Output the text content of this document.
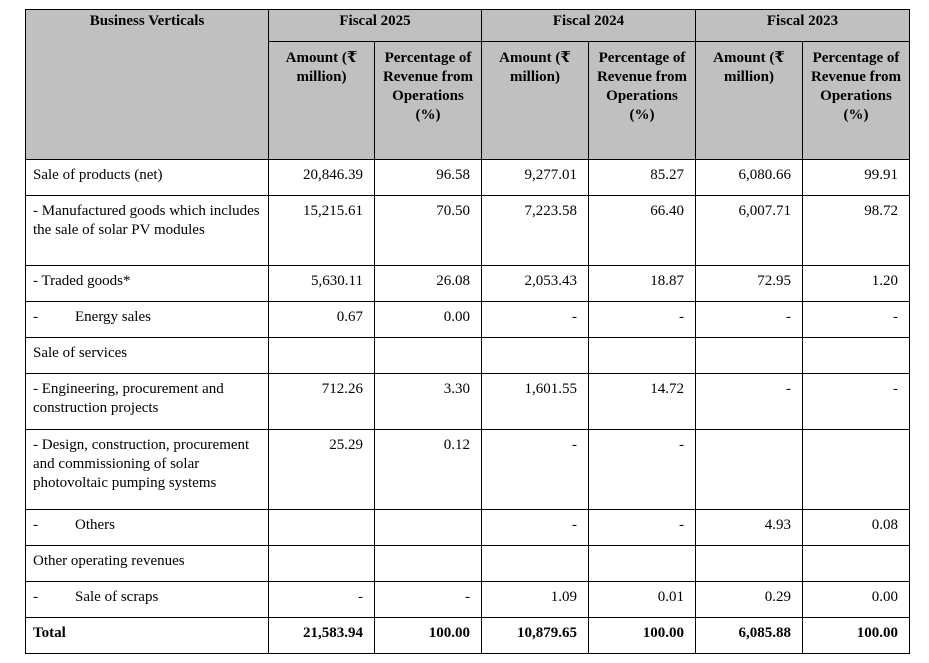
Business Verticals	Fiscal 2025		Fiscal 2024		Fiscal 2023	
	Amount (₹ million)	Percentage of Revenue from Operations (%)	Amount (₹ million)	Percentage of Revenue from Operations (%)	Amount (₹ million)	Percentage of Revenue from Operations (%)
Sale of products (net)	20,846.39	96.58	9,277.01	85.27	6,080.66	99.91
- Manufactured goods which includes the sale of solar PV modules	15,215.61	70.50	7,223.58	66.40	6,007.71	98.72
- Traded goods*	5,630.11	26.08	2,053.43	18.87	72.95	1.20
- Energy sales	0.67	0.00	-	-	-	-
Sale of services						
- Engineering, procurement and construction projects	712.26	3.30	1,601.55	14.72	-	-
- Design, construction, procurement and commissioning of solar photovoltaic pumping systems	25.29	0.12	-	-		
- Others			-	-	4.93	0.08
Other operating revenues						
- Sale of scraps	-	-	1.09	0.01	0.29	0.00
Total	21,583.94	100.00	10,879.65	100.00	6,085.88	100.00
